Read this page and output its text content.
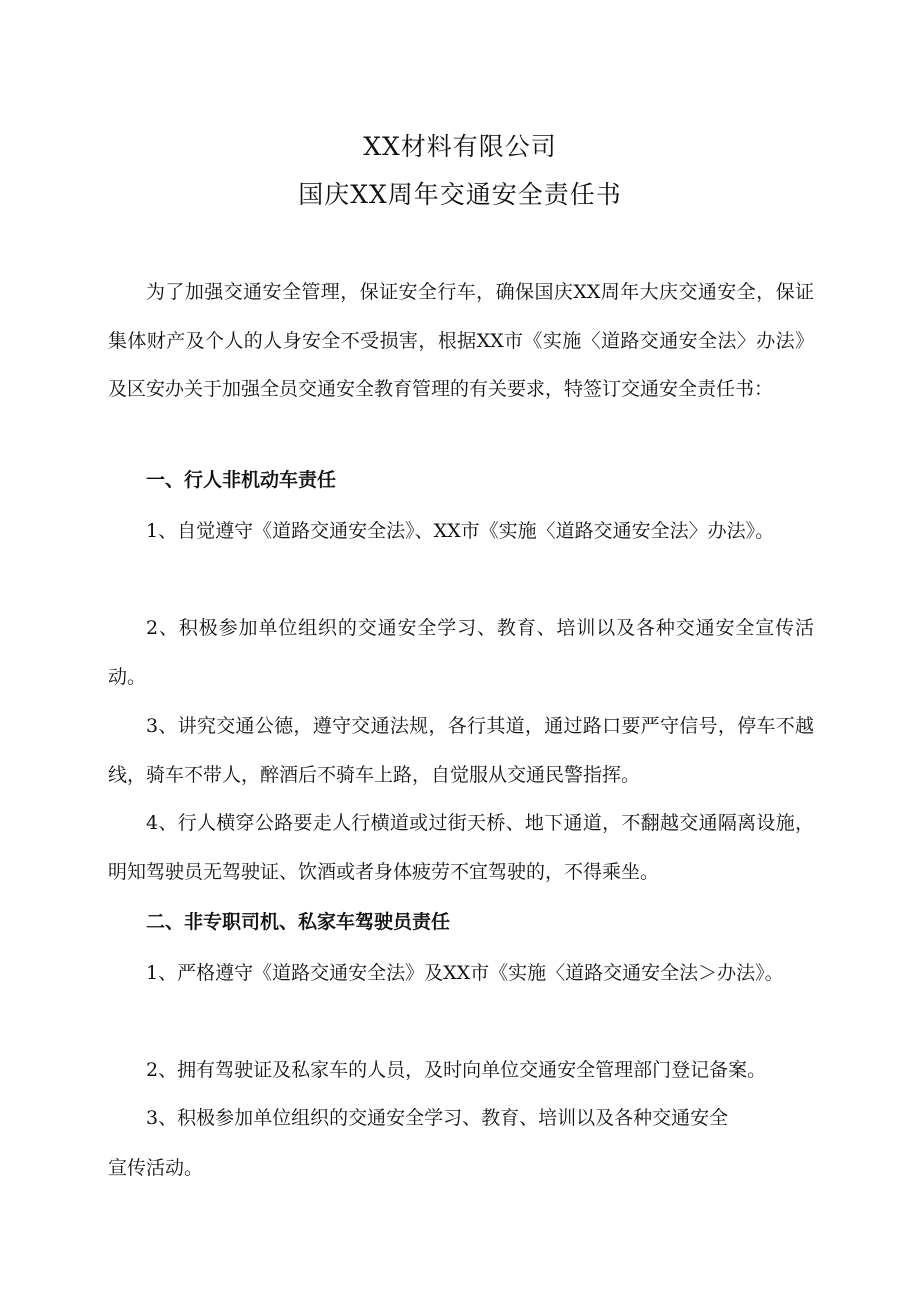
XX材料有限公司
国庆XX周年交通安全责任书

为了加强交通安全管理，保证安全行车，确保国庆XX周年大庆交通安全，保证集体财产及个人的人身安全不受损害，根据XX市《实施〈道路交通安全法〉办法》及区安办关于加强全员交通安全教育管理的有关要求，特签订交通安全责任书：

一、行人非机动车责任

1、自觉遵守《道路交通安全法》、XX市《实施〈道路交通安全法〉办法》。

2、积极参加单位组织的交通安全学习、教育、培训以及各种交通安全宣传活动。

3、讲究交通公德，遵守交通法规，各行其道，通过路口要严守信号，停车不越线，骑车不带人，醉酒后不骑车上路，自觉服从交通民警指挥。

4、行人横穿公路要走人行横道或过街天桥、地下通道，不翻越交通隔离设施，明知驾驶员无驾驶证、饮酒或者身体疲劳不宜驾驶的，不得乘坐。

二、非专职司机、私家车驾驶员责任

1、严格遵守《道路交通安全法》及XX市《实施〈道路交通安全法＞办法》。

2、拥有驾驶证及私家车的人员，及时向单位交通安全管理部门登记备案。

3、积极参加单位组织的交通安全学习、教育、培训以及各种交通安全

宣传活动。
